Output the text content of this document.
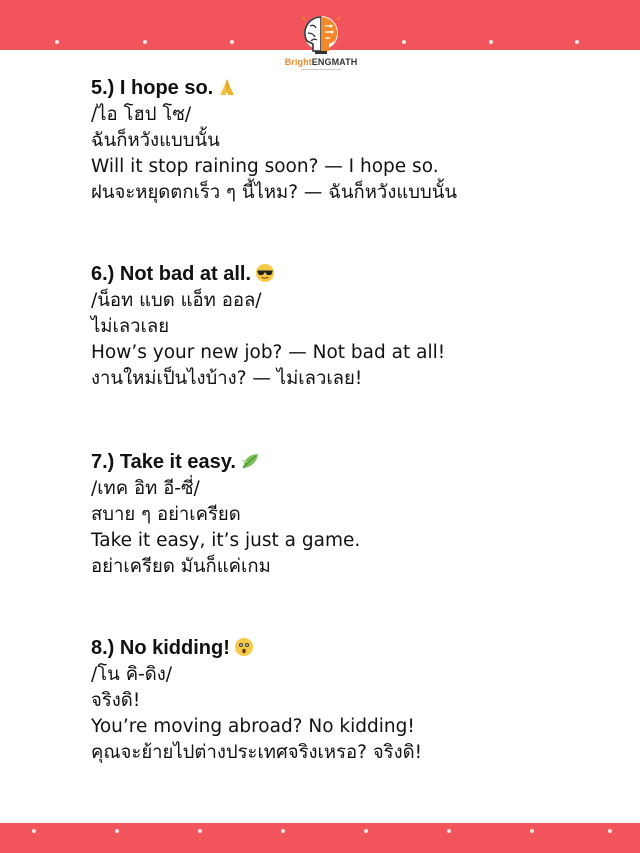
BrightENGMATH
5.) I hope so.
/ไอ โฮป โซ/
ฉันก็หวังแบบนั้น
Will it stop raining soon? — I hope so.
ฝนจะหยุดตกเร็ว ๆ นี้ไหม? — ฉันก็หวังแบบนั้น
6.) Not bad at all.
/น็อท แบด แอ็ท ออล/
ไม่เลวเลย
How’s your new job? — Not bad at all!
งานใหม่เป็นไงบ้าง? — ไม่เลวเลย!
7.) Take it easy.
/เทค อิท อี-ซี่/
สบาย ๆ อย่าเครียด
Take it easy, it’s just a game.
อย่าเครียด มันก็แค่เกม
8.) No kidding!
/โน คิ-ดิง/
จริงดิ!
You’re moving abroad? No kidding!
คุณจะย้ายไปต่างประเทศจริงเหรอ? จริงดิ!
